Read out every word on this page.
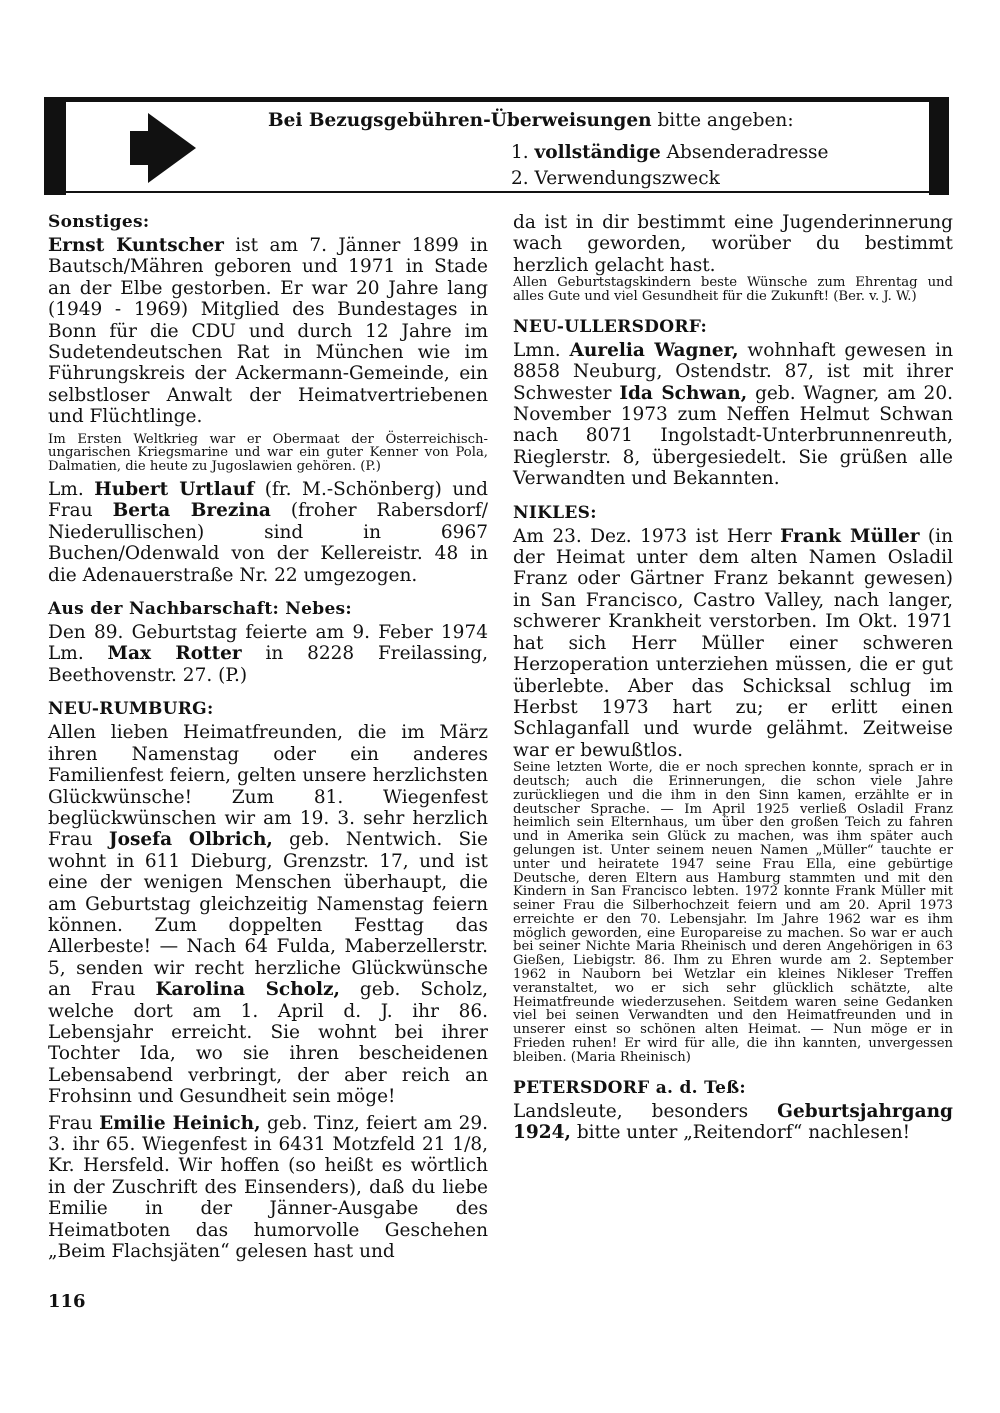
Bei Bezugsgebühren-Überweisungen bitte angeben:
1. vollständige Absenderadresse
2. Verwendungszweck
Sonstiges:

Ernst Kuntscher ist am 7. Jänner 1899 in Bautsch/Mähren geboren und 1971 in Stade an der Elbe gestorben. Er war 20 Jahre lang (1949 - 1969) Mitglied des Bundestages in Bonn für die CDU und durch 12 Jahre im Sudetendeutschen Rat in München wie im Führungskreis der Ackermann-Gemeinde, ein selbstloser Anwalt der Heimatvertriebenen und Flüchtlinge.

Im Ersten Weltkrieg war er Obermaat der Österreichisch-ungarischen Kriegsmarine und war ein guter Kenner von Pola, Dalmatien, die heute zu Jugoslawien gehören. (P.)

Lm. Hubert Urtlauf (fr. M.-Schönberg) und Frau Berta Brezina (froher Rabersdorf/ Niederullischen) sind in 6967 Buchen/Odenwald von der Kellereistr. 48 in die Adenauerstraße Nr. 22 umgezogen.

Aus der Nachbarschaft: Nebes:

Den 89. Geburtstag feierte am 9. Feber 1974 Lm. Max Rotter in 8228 Freilassing, Beethovenstr. 27. (P.)

NEU-RUMBURG:

Allen lieben Heimatfreunden, die im März ihren Namenstag oder ein anderes Familienfest feiern, gelten unsere herzlichsten Glückwünsche! Zum 81. Wiegenfest beglückwünschen wir am 19. 3. sehr herzlich Frau Josefa Olbrich, geb. Nentwich. Sie wohnt in 611 Dieburg, Grenzstr. 17, und ist eine der wenigen Menschen überhaupt, die am Geburtstag gleichzeitig Namenstag feiern können. Zum doppelten Festtag das Allerbeste! — Nach 64 Fulda, Maberzellerstr. 5, senden wir recht herzliche Glückwünsche an Frau Karolina Scholz, geb. Scholz, welche dort am 1. April d. J. ihr 86. Lebensjahr erreicht. Sie wohnt bei ihrer Tochter Ida, wo sie ihren bescheidenen Lebensabend verbringt, der aber reich an Frohsinn und Gesundheit sein möge!

Frau Emilie Heinich, geb. Tinz, feiert am 29. 3. ihr 65. Wiegenfest in 6431 Motzfeld 21 1/8, Kr. Hersfeld. Wir hoffen (so heißt es wörtlich in der Zuschrift des Einsenders), daß du liebe Emilie in der Jänner-Ausgabe des Heimatboten das humorvolle Geschehen „Beim Flachsjäten“ gelesen hast und

da ist in dir bestimmt eine Jugenderinnerung wach geworden, worüber du bestimmt herzlich gelacht hast.

Allen Geburtstagskindern beste Wünsche zum Ehrentag und alles Gute und viel Gesundheit für die Zukunft! (Ber. v. J. W.)

NEU-ULLERSDORF:

Lmn. Aurelia Wagner, wohnhaft gewesen in 8858 Neuburg, Ostendstr. 87, ist mit ihrer Schwester Ida Schwan, geb. Wagner, am 20. November 1973 zum Neffen Helmut Schwan nach 8071 Ingolstadt-Unterbrunnenreuth, Rieglerstr. 8, übergesiedelt. Sie grüßen alle Verwandten und Bekannten.

NIKLES:

Am 23. Dez. 1973 ist Herr Frank Müller (in der Heimat unter dem alten Namen Osladil Franz oder Gärtner Franz bekannt gewesen) in San Francisco, Castro Valley, nach langer, schwerer Krankheit verstorben. Im Okt. 1971 hat sich Herr Müller einer schweren Herzoperation unterziehen müssen, die er gut überlebte. Aber das Schicksal schlug im Herbst 1973 hart zu; er erlitt einen Schlaganfall und wurde gelähmt. Zeitweise war er bewußtlos.

Seine letzten Worte, die er noch sprechen konnte, sprach er in deutsch; auch die Erinnerungen, die schon viele Jahre zurückliegen und die ihm in den Sinn kamen, erzählte er in deutscher Sprache. — Im April 1925 verließ Osladil Franz heimlich sein Elternhaus, um über den großen Teich zu fahren und in Amerika sein Glück zu machen, was ihm später auch gelungen ist. Unter seinem neuen Namen „Müller“ tauchte er unter und heiratete 1947 seine Frau Ella, eine gebürtige Deutsche, deren Eltern aus Hamburg stammten und mit den Kindern in San Francisco lebten. 1972 konnte Frank Müller mit seiner Frau die Silberhochzeit feiern und am 20. April 1973 erreichte er den 70. Lebensjahr. Im Jahre 1962 war es ihm möglich geworden, eine Europareise zu machen. So war er auch bei seiner Nichte Maria Rheinisch und deren Angehörigen in 63 Gießen, Liebigstr. 86. Ihm zu Ehren wurde am 2. September 1962 in Nauborn bei Wetzlar ein kleines Nikleser Treffen veranstaltet, wo er sich sehr glücklich schätzte, alte Heimatfreunde wiederzusehen. Seitdem waren seine Gedanken viel bei seinen Verwandten und den Heimatfreunden und in unserer einst so schönen alten Heimat. — Nun möge er in Frieden ruhen! Er wird für alle, die ihn kannten, unvergessen bleiben. (Maria Rheinisch)

PETERSDORF a. d. Teß:

Landsleute, besonders Geburtsjahrgang 1924, bitte unter „Reitendorf“ nachlesen!

116
